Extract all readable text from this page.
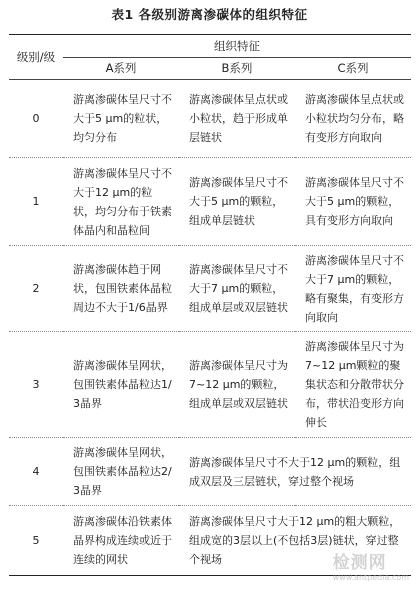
表1 各级别游离渗碳体的组织特征
级别/级	组织特征		
	A系列	B系列	C系列
0	游离渗碳体呈尺寸不大于5 μm的粒状，均匀分布	游离渗碳体呈点状或小粒状，趋于形成单层链状	游离渗碳体呈点状或小粒状均匀分布，略有变形方向取向
1	游离渗碳体呈尺寸不大于12 μm的粒状，均匀分布于铁素体晶内和晶粒间	游离渗碳体呈尺寸不大于5 μm的颗粒，组成单层链状	游离渗碳体呈尺寸不大于5 μm的颗粒，具有变形方向取向
2	游离渗碳体趋于网状，包围铁素体晶粒周边不大于1/6晶界	游离渗碳体呈尺寸不大于7 μm的颗粒，组成单层或双层链状	游离渗碳体呈尺寸不大于7 μm的颗粒，略有聚集，有变形方向取向
3	游离渗碳体呈网状，包围铁素体晶粒达1/3晶界	游离渗碳体呈尺寸为7~12 μm的颗粒，组成单层或双层链状	游离渗碳体呈尺寸为7~12 μm颗粒的聚集状态和分散带状分布，带状沿变形方向伸长
4	游离渗碳体呈网状，包围铁素体晶粒达2/3晶界	游离渗碳体呈尺寸不大于12 μm的颗粒，组成双层及三层链状，穿过整个视场	
5	游离渗碳体沿铁素体晶界构成连续或近于连续的网状	游离渗碳体呈尺寸大于12 μm的粗大颗粒，组成宽的3层以上(不包括3层)链状，穿过整个视场		检测网
www.antpedia.com
